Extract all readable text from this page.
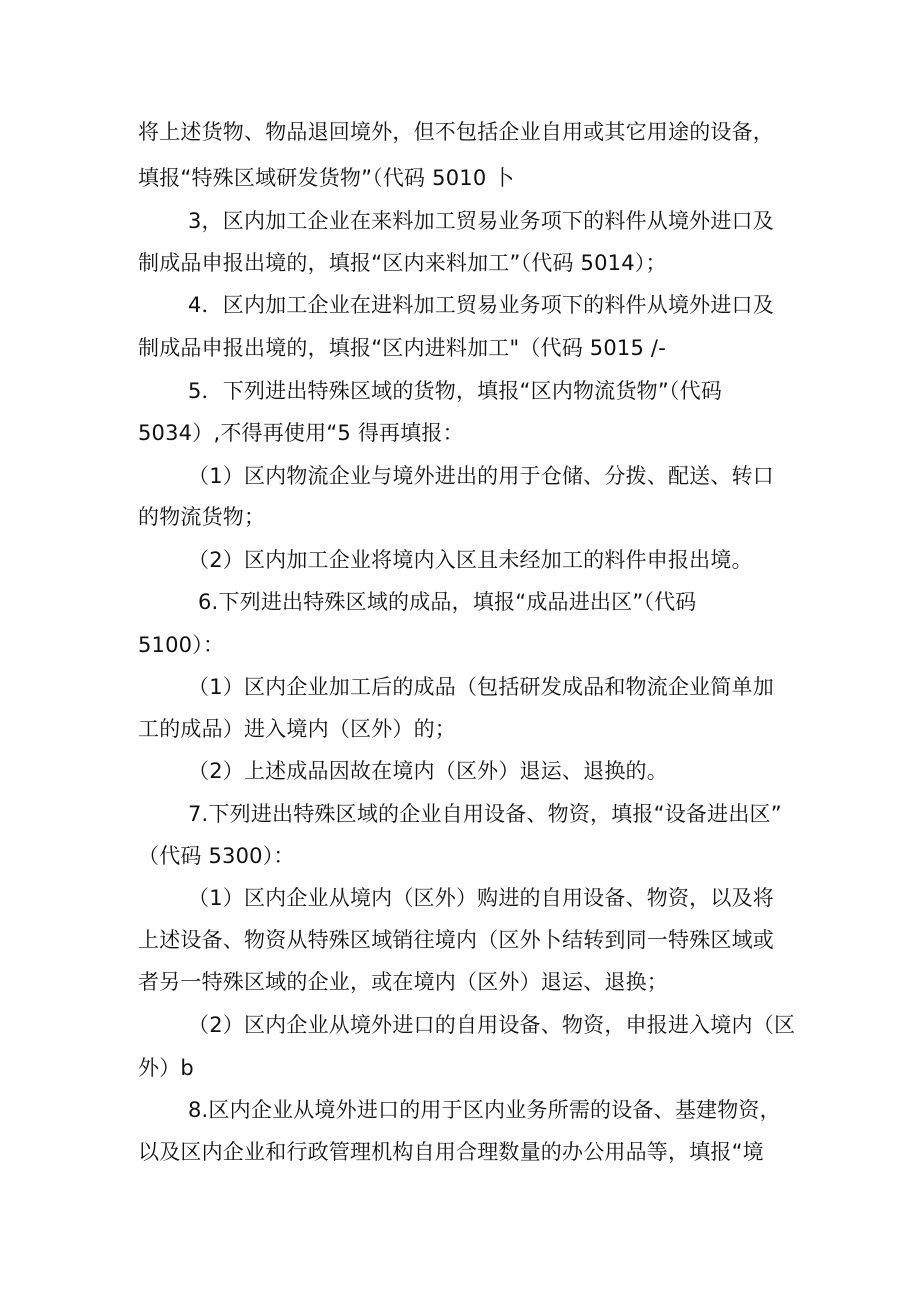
将上述货物、物品退回境外，但不包括企业自用或其它用途的设备，
填报“特殊区域研发货物”（代码 5010 卜
3，区内加工企业在来料加工贸易业务项下的料件从境外进口及
制成品申报出境的，填报“区内来料加工”（代码 5014）；
4．区内加工企业在进料加工贸易业务项下的料件从境外进口及
制成品申报出境的，填报“区内进料加工"（代码 5015 /-
5．下列进出特殊区域的货物，填报“区内物流货物”（代码
5034）,不得再使用“5 得再填报：
（1）区内物流企业与境外进出的用于仓储、分拨、配送、转口
的物流货物；
（2）区内加工企业将境内入区且未经加工的料件申报出境。
6.下列进出特殊区域的成品，填报“成品进出区”（代码
5100）：
（1）区内企业加工后的成品（包括研发成品和物流企业简单加
工的成品）进入境内（区外）的；
（2）上述成品因故在境内（区外）退运、退换的。
7.下列进出特殊区域的企业自用设备、物资，填报“设备进出区”
（代码 5300）：
（1）区内企业从境内（区外）购进的自用设备、物资，以及将
上述设备、物资从特殊区域销往境内（区外卜结转到同一特殊区域或
者另一特殊区域的企业，或在境内（区外）退运、退换；
（2）区内企业从境外进口的自用设备、物资，申报进入境内（区
外）b
8.区内企业从境外进口的用于区内业务所需的设备、基建物资，
以及区内企业和行政管理机构自用合理数量的办公用品等，填报“境
